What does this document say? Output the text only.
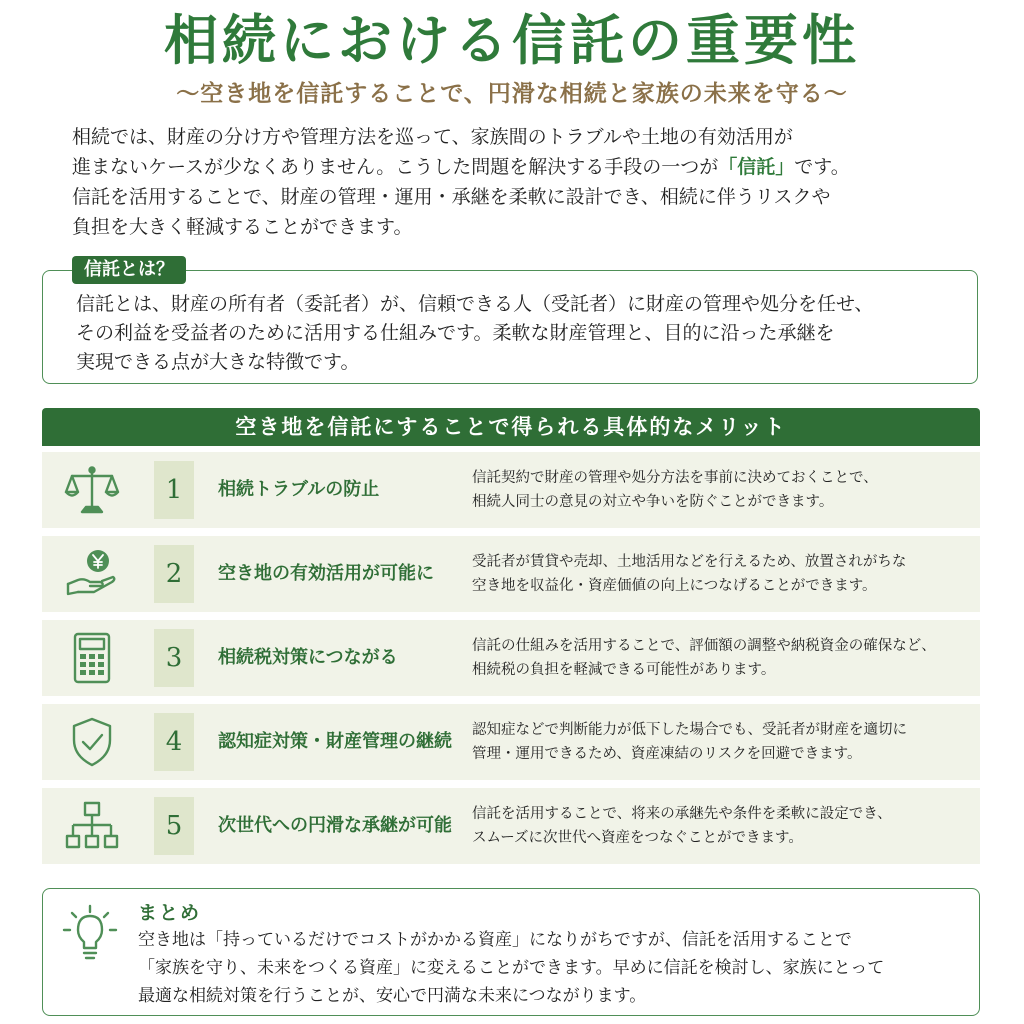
相続における信託の重要性
〜空き地を信託することで、円滑な相続と家族の未来を守る〜
相続では、財産の分け方や管理方法を巡って、家族間のトラブルや土地の有効活用が
進まないケースが少なくありません。こうした問題を解決する手段の一つが「信託」です。
信託を活用することで、財産の管理・運用・承継を柔軟に設計でき、相続に伴うリスクや
負担を大きく軽減することができます。
信託とは？
信託とは、財産の所有者（委託者）が、信頼できる人（受託者）に財産の管理や処分を任せ、
その利益を受益者のために活用する仕組みです。柔軟な財産管理と、目的に沿った承継を
実現できる点が大きな特徴です。
空き地を信託にすることで得られる具体的なメリット
1	相続トラブルの防止
信託契約で財産の管理や処分方法を事前に決めておくことで、
相続人同士の意見の対立や争いを防ぐことができます。
2	空き地の有効活用が可能に
受託者が賃貸や売却、土地活用などを行えるため、放置されがちな
空き地を収益化・資産価値の向上につなげることができます。
3	相続税対策につながる
信託の仕組みを活用することで、評価額の調整や納税資金の確保など、
相続税の負担を軽減できる可能性があります。
4	認知症対策・財産管理の継続
認知症などで判断能力が低下した場合でも、受託者が財産を適切に
管理・運用できるため、資産凍結のリスクを回避できます。
5	次世代への円滑な承継が可能
信託を活用することで、将来の承継先や条件を柔軟に設定でき、
スムーズに次世代へ資産をつなぐことができます。
まとめ
空き地は「持っているだけでコストがかかる資産」になりがちですが、信託を活用することで
「家族を守り、未来をつくる資産」に変えることができます。早めに信託を検討し、家族にとって
最適な相続対策を行うことが、安心で円満な未来につながります。
